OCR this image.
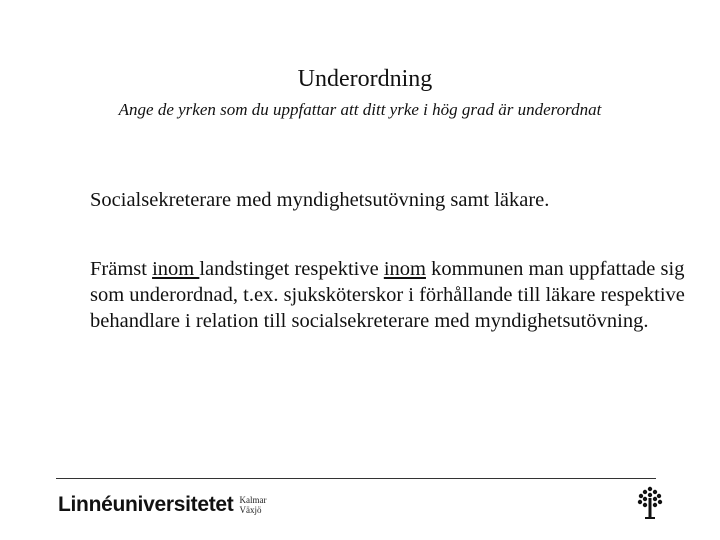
Underordning
Ange de yrken som du uppfattar att ditt yrke i hög grad är underordnat
Socialsekreterare med myndighetsutövning samt läkare.
Främst inom landstinget respektive inom kommunen man uppfattade sig som underordnad, t.ex. sjuksköterskor i förhållande till läkare respektive behandlare i relation till socialsekreterare med myndighetsutövning.
Linnéuniversitetet Kalmar
Växjö
